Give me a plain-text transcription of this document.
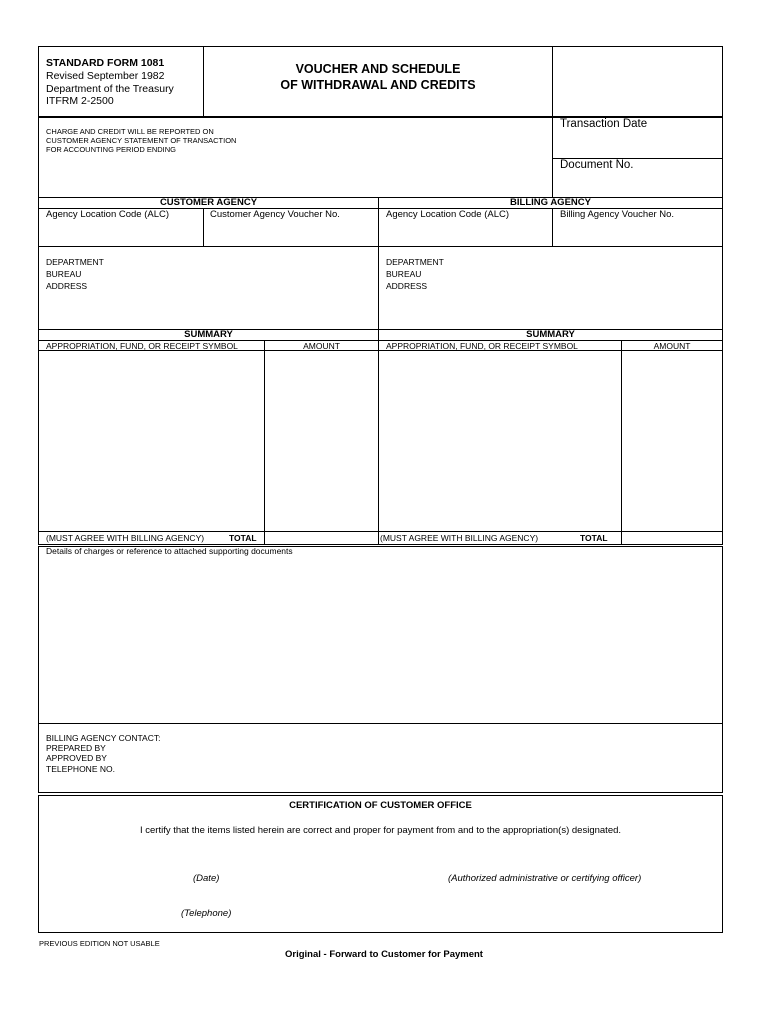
STANDARD FORM 1081
Revised September 1982
Department of the Treasury
ITFRM 2-2500
VOUCHER AND SCHEDULE
OF WITHDRAWAL AND CREDITS
CHARGE AND CREDIT WILL BE REPORTED ON
CUSTOMER AGENCY STATEMENT OF TRANSACTION
FOR ACCOUNTING PERIOD ENDING
Transaction Date
Document No.
CUSTOMER AGENCY	BILLING AGENCY
Agency Location Code (ALC)	Customer Agency Voucher No.	Agency Location Code (ALC)	Billing Agency Voucher No.
DEPARTMENT
BUREAU
ADDRESS
DEPARTMENT
BUREAU
ADDRESS
SUMMARY	SUMMARY
APPROPRIATION, FUND, OR RECEIPT SYMBOL	AMOUNT	APPROPRIATION, FUND, OR RECEIPT SYMBOL	AMOUNT
(MUST AGREE WITH BILLING AGENCY)	TOTAL	(MUST AGREE WITH BILLING AGENCY)	TOTAL
Details of charges or reference to attached supporting documents
BILLING AGENCY CONTACT:
PREPARED BY
APPROVED BY
TELEPHONE NO.
CERTIFICATION OF CUSTOMER OFFICE
I certify that the items listed herein are correct and proper for payment from and to the appropriation(s) designated.
(Date)	(Authorized administrative or certifying officer)
(Telephone)
PREVIOUS EDITION NOT USABLE
Original - Forward to Customer for Payment
